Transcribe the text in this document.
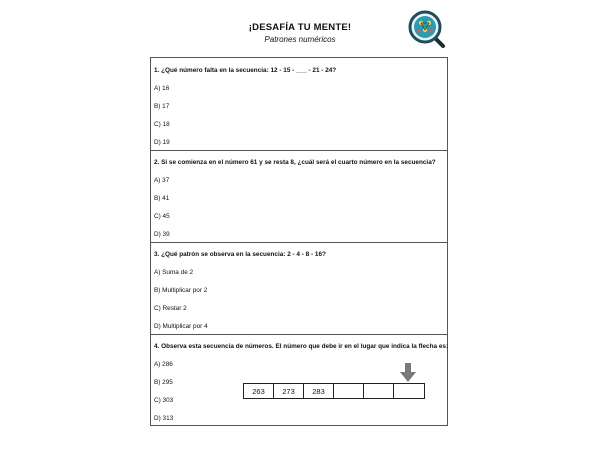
¡DESAFÍA TU MENTE!
Patrones numéricos
1. ¿Qué número falta en la secuencia: 12 - 15 - ___ - 21 - 24?
A) 16
B) 17
C) 18
D) 19
2. Si se comienza en el número 61 y se resta 8, ¿cuál será el cuarto número en la secuencia?
A) 37
B) 41
C) 45
D) 39
3. ¿Qué patrón se observa en la secuencia: 2 - 4 - 8 - 16?
A) Suma de 2
B) Multiplicar por 2
C) Restar 2
D) Multiplicar por 4
4. Observa esta secuencia de números. El número que debe ir en el lugar que indica la flecha es:
A) 286
B) 295
C) 303
D) 313
263	273	283
